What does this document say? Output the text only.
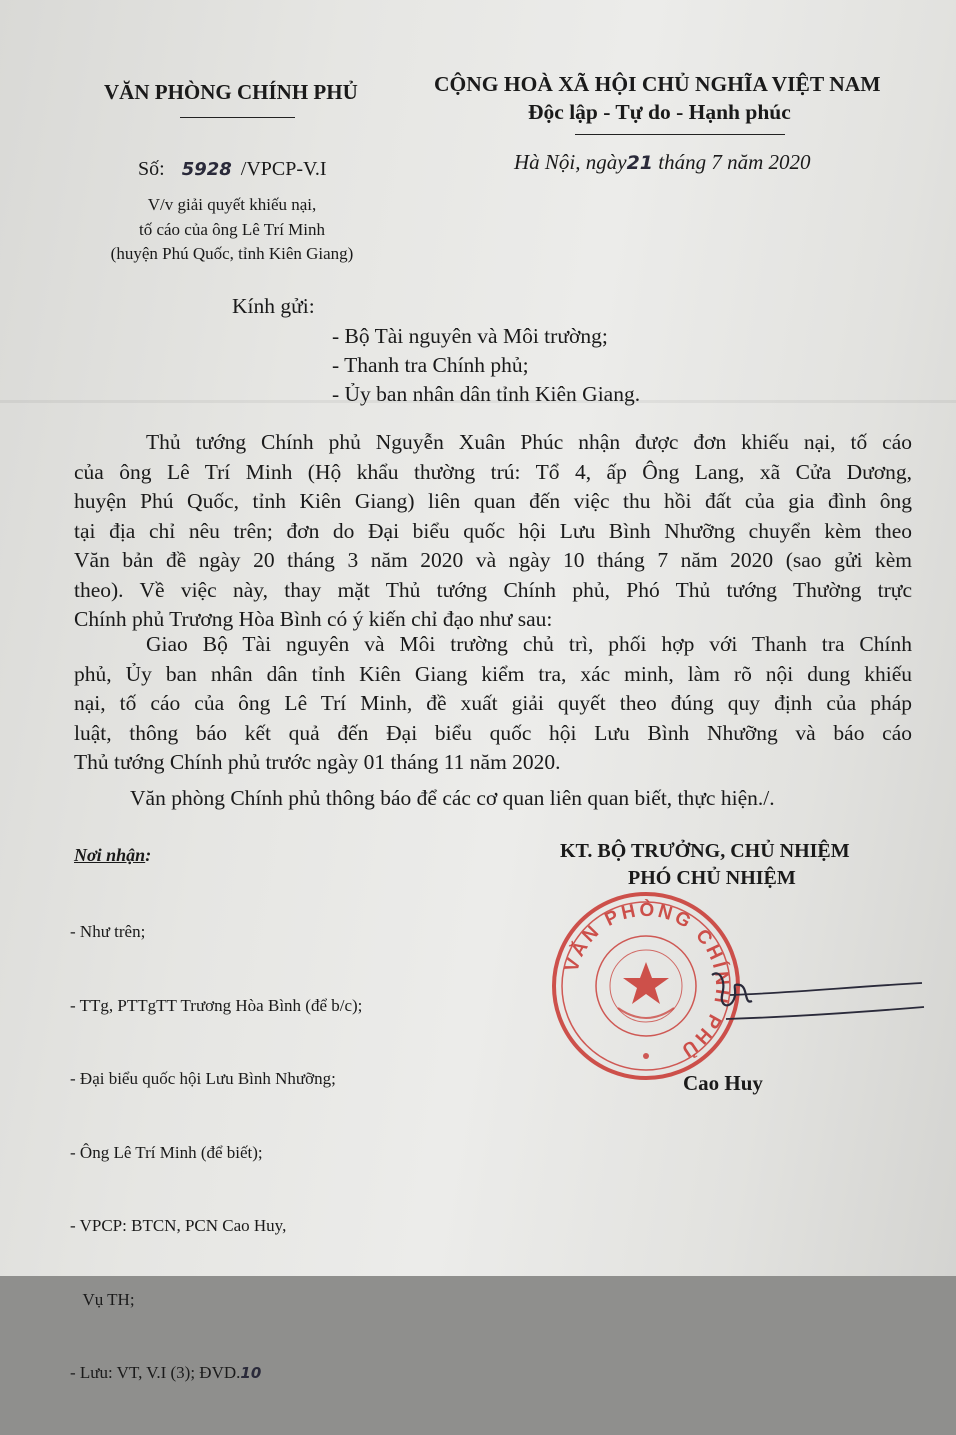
VĂN PHÒNG CHÍNH PHỦ	CỘNG HOÀ XÃ HỘI CHỦ NGHĨA VIỆT NAM
Độc lập - Tự do - Hạnh phúc
Số: 5928 /VPCP-V.I	Hà Nội, ngày21 tháng 7 năm 2020
V/v giải quyết khiếu nại,
tố cáo của ông Lê Trí Minh
(huyện Phú Quốc, tỉnh Kiên Giang)
Kính gửi:
- Bộ Tài nguyên và Môi trường;
- Thanh tra Chính phủ;
- Ủy ban nhân dân tỉnh Kiên Giang.
Thủ tướng Chính phủ Nguyễn Xuân Phúc nhận được đơn khiếu nại, tố cáo
của ông Lê Trí Minh (Hộ khẩu thường trú: Tổ 4, ấp Ông Lang, xã Cửa Dương,
huyện Phú Quốc, tỉnh Kiên Giang) liên quan đến việc thu hồi đất của gia đình ông
tại địa chỉ nêu trên; đơn do Đại biểu quốc hội Lưu Bình Nhưỡng chuyển kèm theo
Văn bản đề ngày 20 tháng 3 năm 2020 và ngày 10 tháng 7 năm 2020 (sao gửi kèm
theo). Về việc này, thay mặt Thủ tướng Chính phủ, Phó Thủ tướng Thường trực
Chính phủ Trương Hòa Bình có ý kiến chỉ đạo như sau:
Giao Bộ Tài nguyên và Môi trường chủ trì, phối hợp với Thanh tra Chính
phủ, Ủy ban nhân dân tỉnh Kiên Giang kiểm tra, xác minh, làm rõ nội dung khiếu
nại, tố cáo của ông Lê Trí Minh, đề xuất giải quyết theo đúng quy định của pháp
luật, thông báo kết quả đến Đại biểu quốc hội Lưu Bình Nhưỡng và báo cáo
Thủ tướng Chính phủ trước ngày 01 tháng 11 năm 2020.
Văn phòng Chính phủ thông báo để các cơ quan liên quan biết, thực hiện./.
Nơi nhận:

- Như trên;

- TTg, PTTgTT Trương Hòa Bình (để b/c);

- Đại biểu quốc hội Lưu Bình Nhưỡng;

- Ông Lê Trí Minh (để biết);

- VPCP: BTCN, PCN Cao Huy,

Vụ TH;

- Lưu: VT, V.I (3); ĐVD.10

KT. BỘ TRƯỞNG, CHỦ NHIỆM
PHÓ CHỦ NHIỆM
VĂN PHÒNG CHÍNH PHỦ
Cao Huy
